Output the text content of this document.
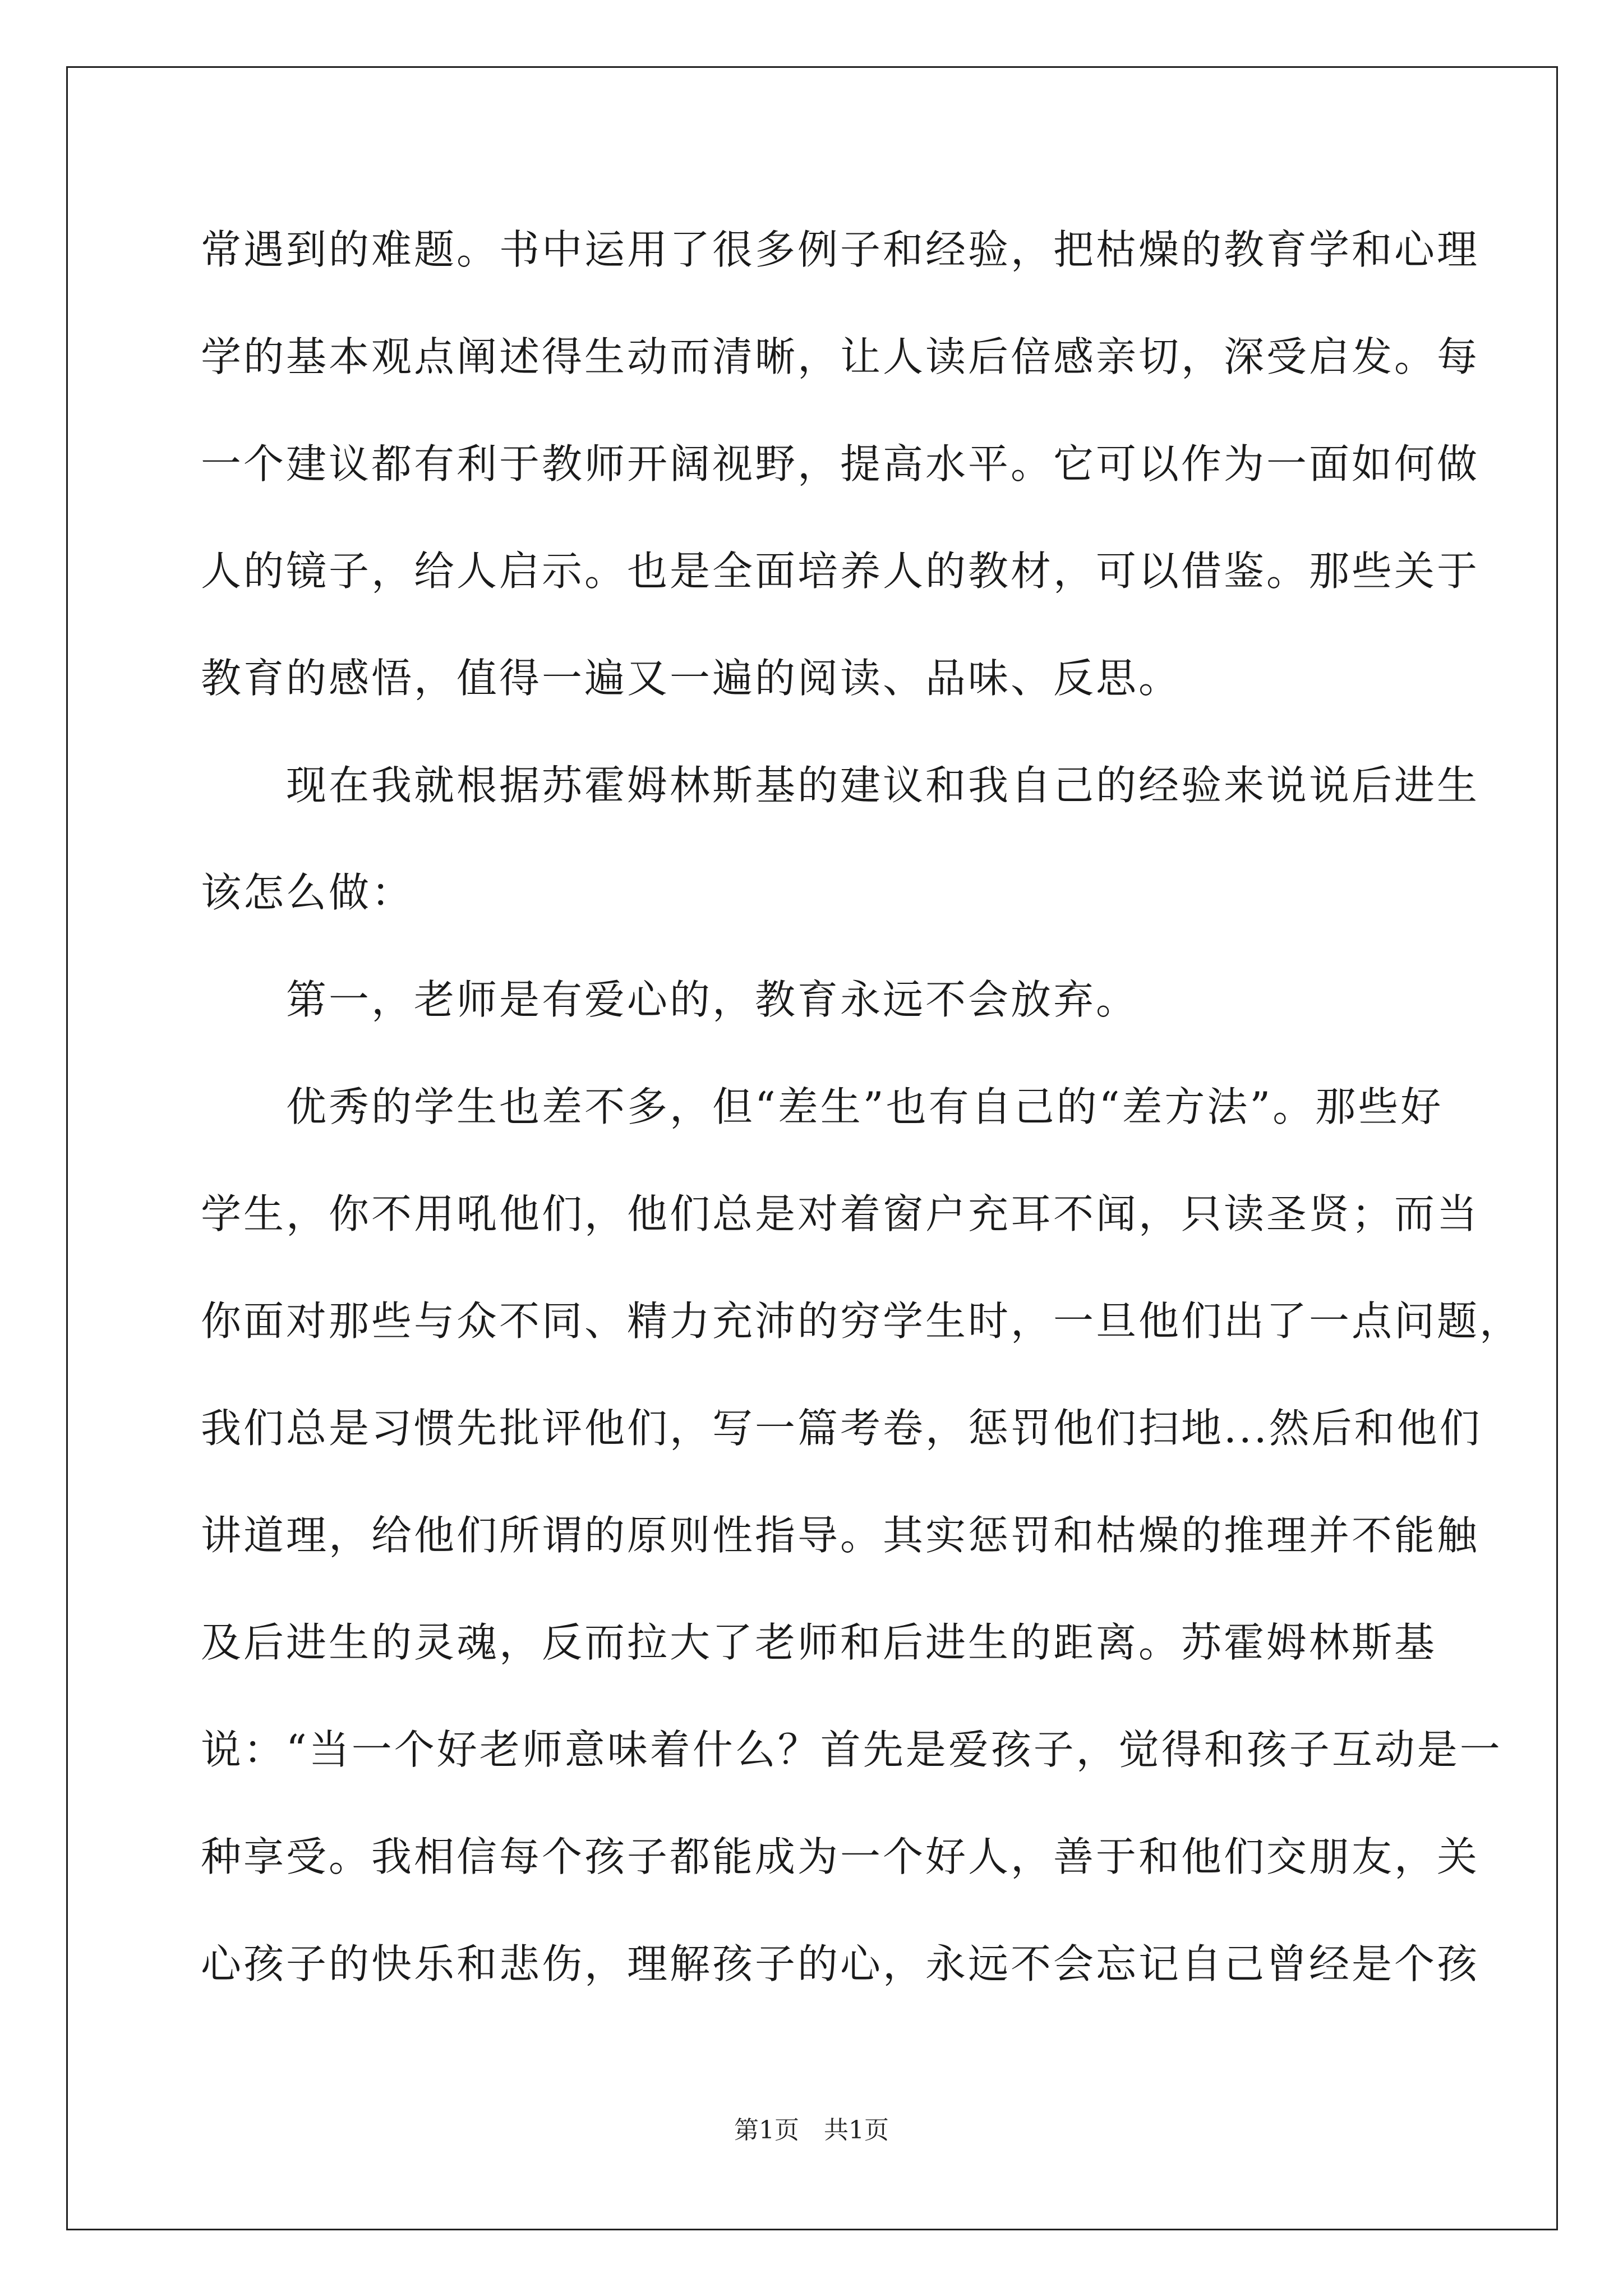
常遇到的难题。书中运用了很多例子和经验，把枯燥的教育学和心理
学的基本观点阐述得生动而清晰，让人读后倍感亲切，深受启发。每
一个建议都有利于教师开阔视野，提高水平。它可以作为一面如何做
人的镜子，给人启示。也是全面培养人的教材，可以借鉴。那些关于
教育的感悟，值得一遍又一遍的阅读、品味、反思。
　　现在我就根据苏霍姆林斯基的建议和我自己的经验来说说后进生
该怎么做：
　　第一，老师是有爱心的，教育永远不会放弃。
　　优秀的学生也差不多，但“差生”也有自己的“差方法”。那些好
学生，你不用吼他们，他们总是对着窗户充耳不闻，只读圣贤；而当
你面对那些与众不同、精力充沛的穷学生时，一旦他们出了一点问题，
我们总是习惯先批评他们，写一篇考卷，惩罚他们扫地...然后和他们
讲道理，给他们所谓的原则性指导。其实惩罚和枯燥的推理并不能触
及后进生的灵魂，反而拉大了老师和后进生的距离。苏霍姆林斯基
说：“当一个好老师意味着什么？首先是爱孩子，觉得和孩子互动是一
种享受。我相信每个孩子都能成为一个好人，善于和他们交朋友，关
心孩子的快乐和悲伤，理解孩子的心，永远不会忘记自己曾经是个孩
第1页　共1页
